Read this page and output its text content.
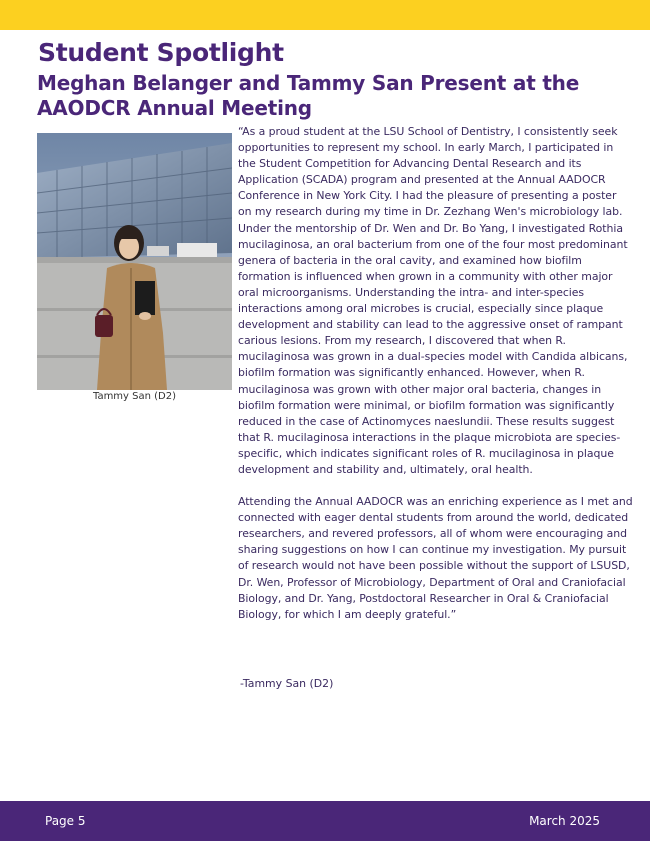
Student Spotlight
Meghan Belanger and Tammy San Present at the AAODCR Annual Meeting
Tammy San (D2)

“As a proud student at the LSU School of Dentistry, I consistently seek opportunities to represent my school. In early March, I participated in the Student Competition for Advancing Dental Research and its Application (SCADA) program and presented at the Annual AADOCR Conference in New York City. I had the pleasure of presenting a poster on my research during my time in Dr. Zezhang Wen's microbiology lab. Under the mentorship of Dr. Wen and Dr. Bo Yang, I investigated Rothia mucilaginosa, an oral bacterium from one of the four most predominant genera of bacteria in the oral cavity, and examined how biofilm formation is influenced when grown in a community with other major oral microorganisms. Understanding the intra- and inter-species interactions among oral microbes is crucial, especially since plaque development and stability can lead to the aggressive onset of rampant carious lesions. From my research, I discovered that when R. mucilaginosa was grown in a dual-species model with Candida albicans, biofilm formation was significantly enhanced. However, when R. mucilaginosa was grown with other major oral bacteria, changes in biofilm formation were minimal, or biofilm formation was significantly reduced in the case of Actinomyces naeslundii. These results suggest that R. mucilaginosa interactions in the plaque microbiota are species-specific, which indicates significant roles of R. mucilaginosa in plaque development and stability and, ultimately, oral health.

Attending the Annual AADOCR was an enriching experience as I met and connected with eager dental students from around the world, dedicated researchers, and revered professors, all of whom were encouraging and sharing suggestions on how I can continue my investigation. My pursuit of research would not have been possible without the support of LSUSD, Dr. Wen, Professor of Microbiology, Department of Oral and Craniofacial Biology, and Dr. Yang, Postdoctoral Researcher in Oral & Craniofacial Biology, for which I am deeply grateful.”

-Tammy San (D2)
Page 5	March 2025
